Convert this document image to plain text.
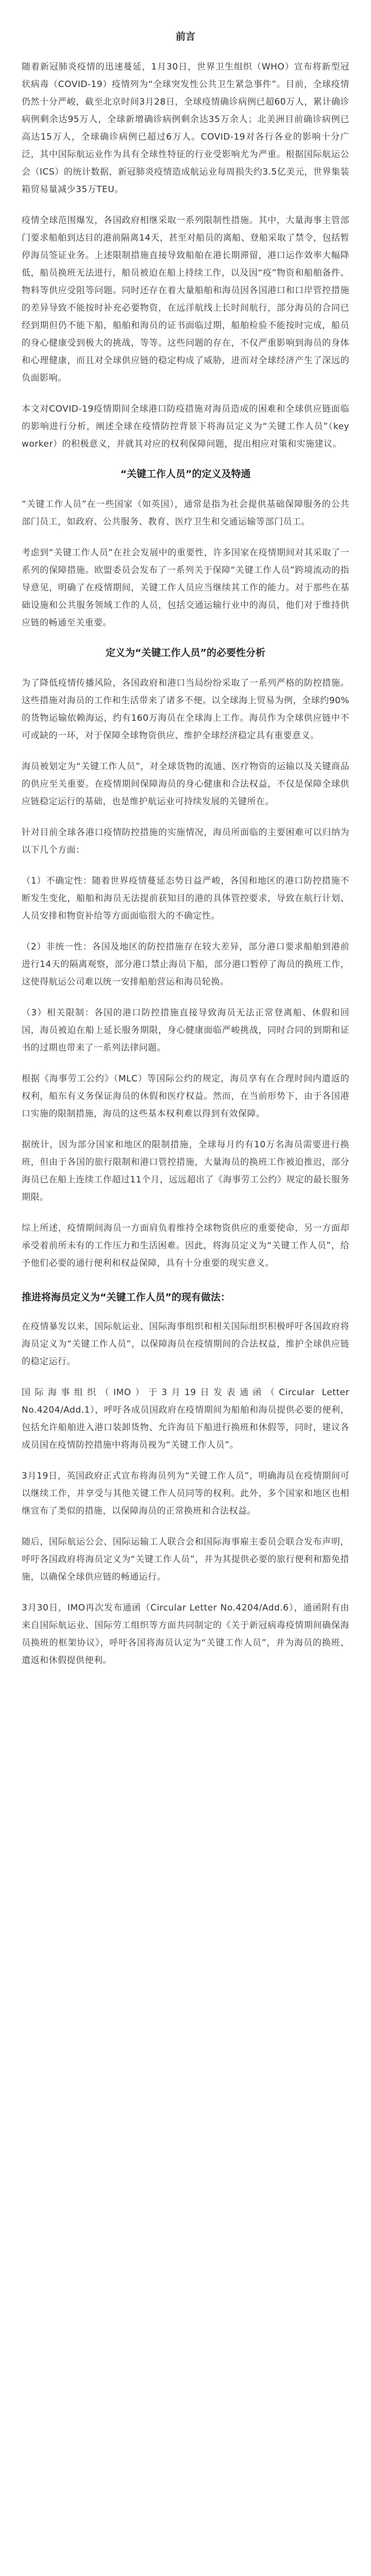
前言

随着新冠肺炎疫情的迅速蔓延，1月30日，世界卫生组织（WHO）宣布将新型冠状病毒（COVID-19）疫情列为“全球突发性公共卫生紧急事件”。目前，全球疫情仍然十分严峻，截至北京时间3月28日，全球疫情确诊病例已超60万人，累计确诊病例剩余达95万人，全球新增确诊病例剩余达35万余人；北美洲目前确诊病例已高达15万人，全球确诊病例已超过6万人。COVID-19对各行各业的影响十分广泛，其中国际航运业作为具有全球性特征的行业受影响尤为严重。根据国际航运公会（ICS）的统计数据，新冠肺炎疫情造成航运业每周损失约3.5亿美元，世界集装箱贸易量减少35万TEU。

疫情全球范围爆发，各国政府相继采取一系列限制性措施。其中，大量海事主管部门要求船舶到达目的港前隔离14天，甚至对船员的离船、登船采取了禁令，包括暂停海员签证业务。上述限制措施直接导致船舶在港长期滞留，港口运作效率大幅降低，船员换班无法进行，船员被迫在船上持续工作，以及因“疫”物资和船舶备件、物料等供应受阻等问题。同时还存在着大量船舶和海员因各国港口和口岸管控措施的差异导致不能按时补充必要物资，在远洋航线上长时间航行，部分海员的合同已经到期但仍不能下船，船舶和海员的证书面临过期，船舶检验不能按时完成，船员的身心健康受到极大的挑战，等等。这些问题的存在，不仅严重影响到海员的身体和心理健康，而且对全球供应链的稳定构成了威胁，进而对全球经济产生了深远的负面影响。

本文对COVID-19疫情期间全球港口防疫措施对海员造成的困难和全球供应链面临的影响进行分析，阐述全球在疫情防控背景下将海员定义为“关键工作人员”（key worker）的积极意义，并就其对应的权利保障问题，提出相应对策和实施建议。

“关键工作人员”的定义及特通

“关键工作人员”在一些国家（如英国），通常是指为社会提供基础保障服务的公共部门员工，如政府、公共服务、教育、医疗卫生和交通运输等部门员工。

考虑到“关键工作人员”在社会发展中的重要性，许多国家在疫情期间对其采取了一系列的保障措施。欧盟委员会发布了一系列关于保障“关键工作人员”跨境流动的指导意见，明确了在疫情期间，关键工作人员应当继续其工作的能力。对于那些在基础设施和公共服务领域工作的人员，包括交通运输行业中的海员，他们对于维持供应链的畅通至关重要。

定义为“关键工作人员”的必要性分析

为了降低疫情传播风险，各国政府和港口当局纷纷采取了一系列严格的防控措施。这些措施对海员的工作和生活带来了诸多不便。以全球海上贸易为例，全球约90%的货物运输依赖海运，约有160万海员在全球海上工作。海员作为全球供应链中不可或缺的一环，对于保障全球物资供应、维护全球经济稳定具有重要意义。

海员被划定为“关键工作人员”，对全球货物的流通、医疗物资的运输以及关键商品的供应至关重要。在疫情期间保障海员的身心健康和合法权益，不仅是保障全球供应链稳定运行的基础，也是维护航运业可持续发展的关键所在。

针对目前全球各港口疫情防控措施的实施情况，海员所面临的主要困难可以归纳为以下几个方面：

（1）不确定性：随着世界疫情蔓延态势日益严峻，各国和地区的港口防控措施不断发生变化，船舶和海员无法提前获知目的港的具体管控要求，导致在航行计划、人员安排和物资补给等方面面临很大的不确定性。

（2）非统一性：各国及地区的防控措施存在较大差异，部分港口要求船舶到港前进行14天的隔离观察，部分港口禁止海员下船，部分港口暂停了海员的换班工作，这使得航运公司难以统一安排船舶营运和海员轮换。

（3）相关限制：各国的港口防控措施直接导致海员无法正常登离船、休假和回国，海员被迫在船上延长服务期限，身心健康面临严峻挑战，同时合同的到期和证书的过期也带来了一系列法律问题。

根据《海事劳工公约》（MLC）等国际公约的规定，海员享有在合理时间内遣返的权利，船东有义务保证海员的休假和医疗权益。然而，在当前形势下，由于各国港口实施的限制措施，海员的这些基本权利难以得到有效保障。

据统计，因为部分国家和地区的限制措施，全球每月约有10万名海员需要进行换班，但由于各国的旅行限制和港口管控措施，大量海员的换班工作被迫推迟，部分海员已在船上连续工作超过11个月，远远超出了《海事劳工公约》规定的最长服务期限。

综上所述，疫情期间海员一方面肩负着维持全球物资供应的重要使命，另一方面却承受着前所未有的工作压力和生活困难。因此，将海员定义为“关键工作人员”，给予他们必要的通行便利和权益保障，具有十分重要的现实意义。

推进将海员定义为“关键工作人员”的现有做法：

在疫情暴发以来，国际航运业、国际海事组织和相关国际组织积极呼吁各国政府将海员定义为“关键工作人员”，以保障海员在疫情期间的合法权益，维护全球供应链的稳定运行。

国际海事组织（IMO）于3月19日发表通函（Circular Letter No.4204/Add.1），呼吁各成员国政府在疫情期间为船舶和海员提供必要的便利，包括允许船舶进入港口装卸货物、允许海员下船进行换班和休假等，同时，建议各成员国在疫情防控措施中将海员视为“关键工作人员”。

3月19日，英国政府正式宣布将海员列为“关键工作人员”，明确海员在疫情期间可以继续工作，并享受与其他关键工作人员同等的权利。此外，多个国家和地区也相继宣布了类似的措施，以保障海员的正常换班和合法权益。

随后，国际航运公会、国际运输工人联合会和国际海事雇主委员会联合发布声明，呼吁各国政府将海员定义为“关键工作人员”，并为其提供必要的旅行便利和豁免措施，以确保全球供应链的畅通运行。

3月30日，IMO再次发布通函（Circular Letter No.4204/Add.6），通函附有由来自国际航运业、国际劳工组织等方面共同制定的《关于新冠病毒疫情期间确保海员换班的框架协议》，呼吁各国将海员认定为“关键工作人员”，并为海员的换班、遣返和休假提供便利。
